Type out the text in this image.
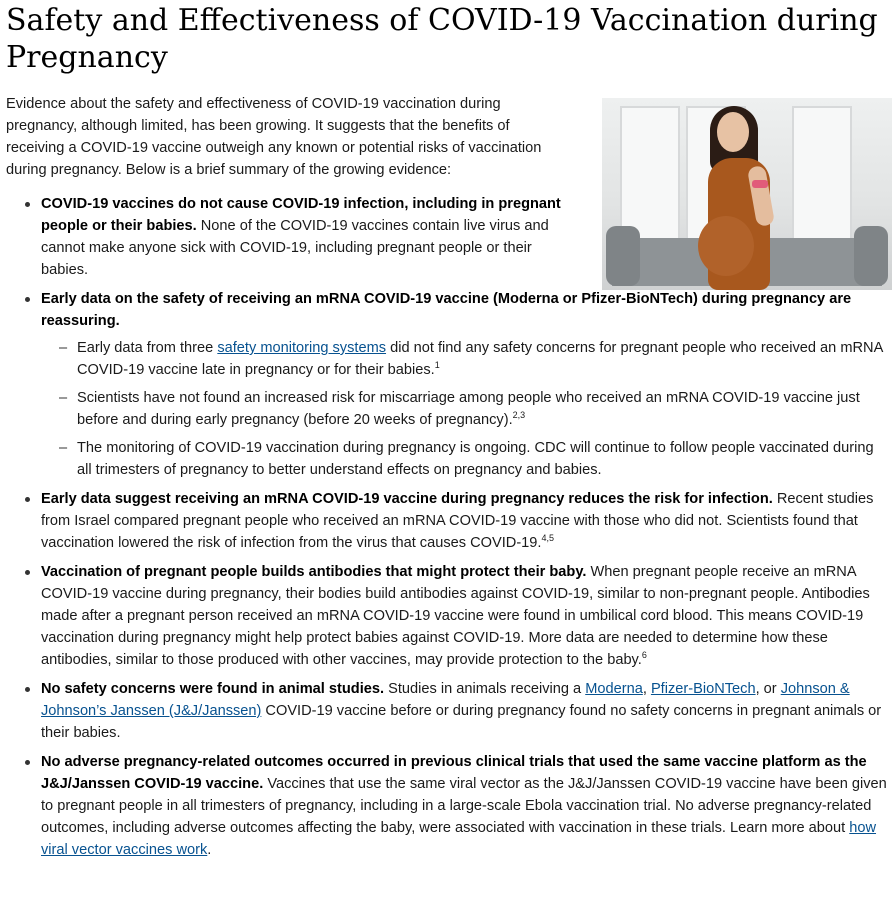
Safety and Effectiveness of COVID-19 Vaccination during Pregnancy

Evidence about the safety and effectiveness of COVID-19 vaccination during pregnancy, although limited, has been growing. It suggests that the benefits of receiving a COVID-19 vaccine outweigh any known or potential risks of vaccination during pregnancy. Below is a brief summary of the growing evidence:

COVID-19 vaccines do not cause COVID-19 infection, including in pregnant people or their babies. None of the COVID-19 vaccines contain live virus and cannot make anyone sick with COVID-19, including pregnant people or their babies.
Early data on the safety of receiving an mRNA COVID-19 vaccine (Moderna or Pfizer-BioNTech) during pregnancy are reassuring.
– Early data from three safety monitoring systems did not find any safety concerns for pregnant people who received an mRNA COVID-19 vaccine late in pregnancy or for their babies.$^1$
– Scientists have not found an increased risk for miscarriage among people who received an mRNA COVID-19 vaccine just before and during early pregnancy (before 20 weeks of pregnancy).$^{2,3}$
– The monitoring of COVID-19 vaccination during pregnancy is ongoing. CDC will continue to follow people vaccinated during all trimesters of pregnancy to better understand effects on pregnancy and babies.
Early data suggest receiving an mRNA COVID-19 vaccine during pregnancy reduces the risk for infection. Recent studies from Israel compared pregnant people who received an mRNA COVID-19 vaccine with those who did not. Scientists found that vaccination lowered the risk of infection from the virus that causes COVID-19.$^{4,5}$
Vaccination of pregnant people builds antibodies that might protect their baby. When pregnant people receive an mRNA COVID-19 vaccine during pregnancy, their bodies build antibodies against COVID-19, similar to non-pregnant people. Antibodies made after a pregnant person received an mRNA COVID-19 vaccine were found in umbilical cord blood. This means COVID-19 vaccination during pregnancy might help protect babies against COVID-19. More data are needed to determine how these antibodies, similar to those produced with other vaccines, may provide protection to the baby.$^6$
No safety concerns were found in animal studies. Studies in animals receiving a Moderna, Pfizer-BioNTech, or Johnson & Johnson’s Janssen (J&J/Janssen) COVID-19 vaccine before or during pregnancy found no safety concerns in pregnant animals or their babies.
No adverse pregnancy-related outcomes occurred in previous clinical trials that used the same vaccine platform as the J&J/Janssen COVID-19 vaccine. Vaccines that use the same viral vector as the J&J/Janssen COVID-19 vaccine have been given to pregnant people in all trimesters of pregnancy, including in a large-scale Ebola vaccination trial. No adverse pregnancy-related outcomes, including adverse outcomes affecting the baby, were associated with vaccination in these trials. Learn more about how viral vector vaccines work.
